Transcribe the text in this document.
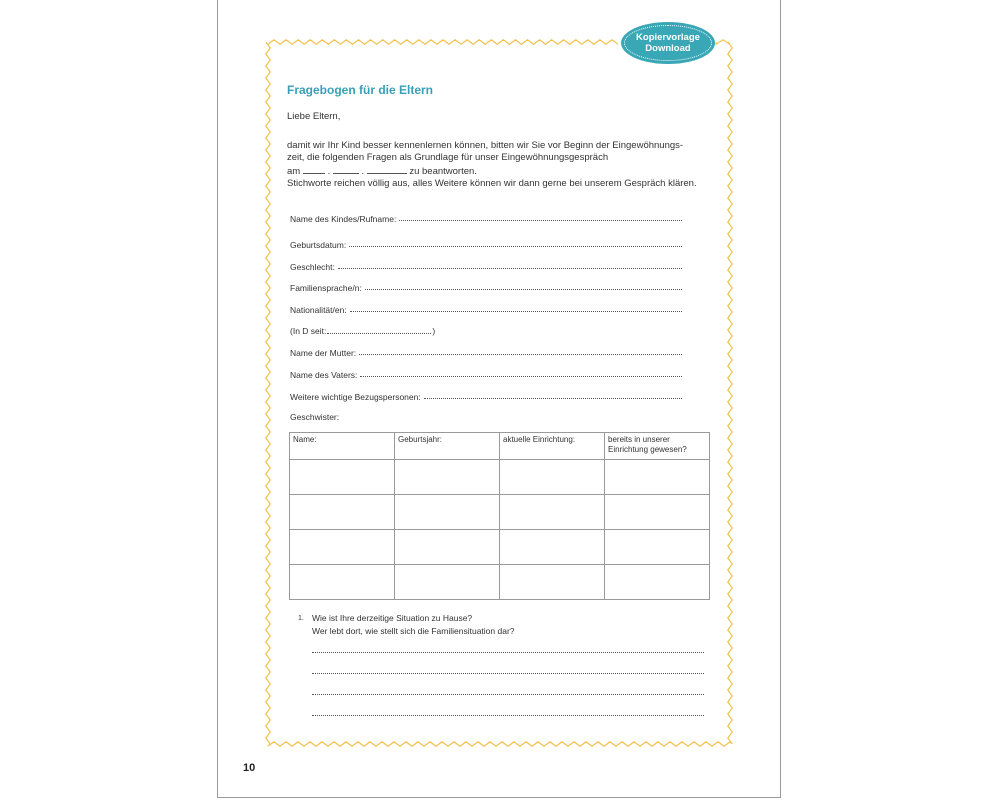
Kopiervorlage
Download
Fragebogen für die Eltern
Liebe Eltern,
damit wir Ihr Kind besser kennenlernen können, bitten wir Sie vor Beginn der Eingewöhnungs-
zeit, die folgenden Fragen als Grundlage für unser Eingewöhnungsgespräch
am	.	.	zu beantworten.
Stichworte reichen völlig aus, alles Weitere können wir dann gerne bei unserem Gespräch klären.
Name des Kindes/Rufname:
Geburtsdatum:
Geschlecht:
Familiensprache/n:
Nationalität/en:
(In D seit:	)
Name der Mutter:
Name des Vaters:
Weitere wichtige Bezugspersonen:
Geschwister:
Name:	Geburtsjahr:	aktuelle Einrichtung:	bereits in unserer Einrichtung gewesen?

1. Wie ist Ihre derzeitige Situation zu Hause?
Wer lebt dort, wie stellt sich die Familiensituation dar?
10
